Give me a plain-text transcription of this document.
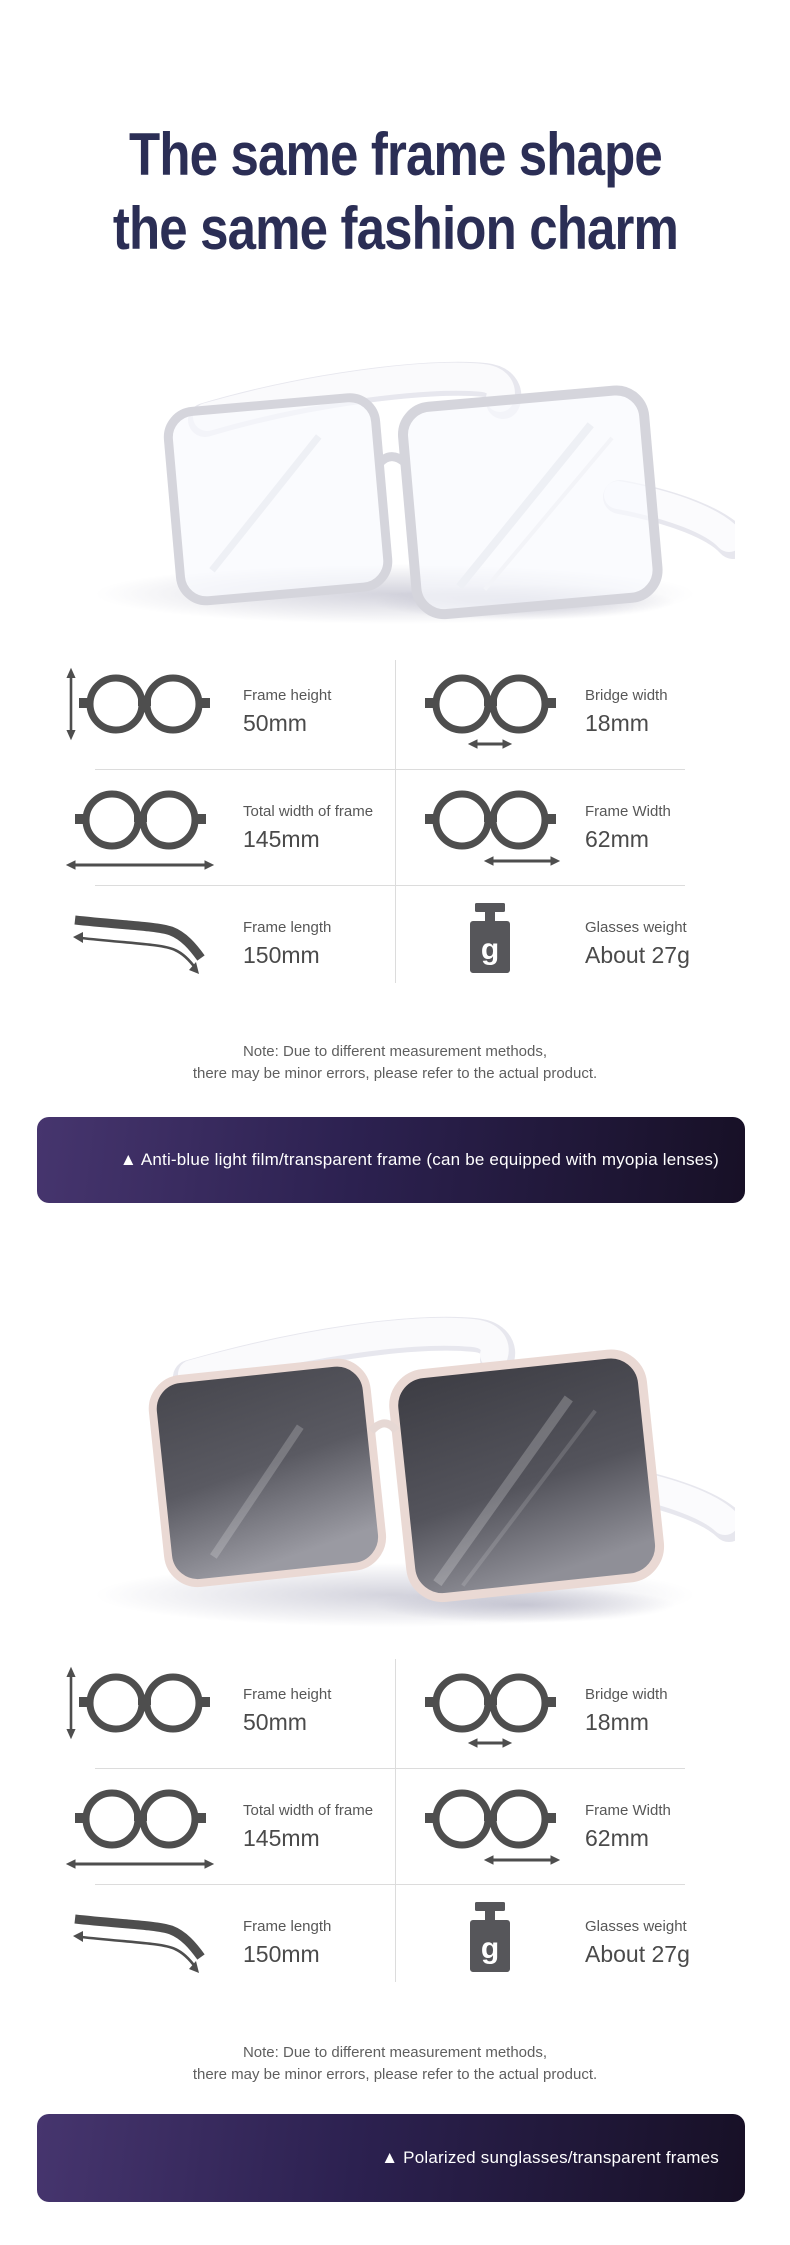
The same frame shape
the same fashion charm
Frame height
50mm
Bridge width
18mm
Total width of frame
145mm
Frame Width
62mm
Frame length
150mm	g
Glasses weight
About 27g
Note: Due to different measurement methods,
there may be minor errors, please refer to the actual product.
▲ Anti-blue light film/transparent frame (can be equipped with myopia lenses)
Frame height
50mm
Bridge width
18mm
Total width of frame
145mm
Frame Width
62mm
Frame length
150mm	g
Glasses weight
About 27g
Note: Due to different measurement methods,
there may be minor errors, please refer to the actual product.
▲ Polarized sunglasses/transparent frames
